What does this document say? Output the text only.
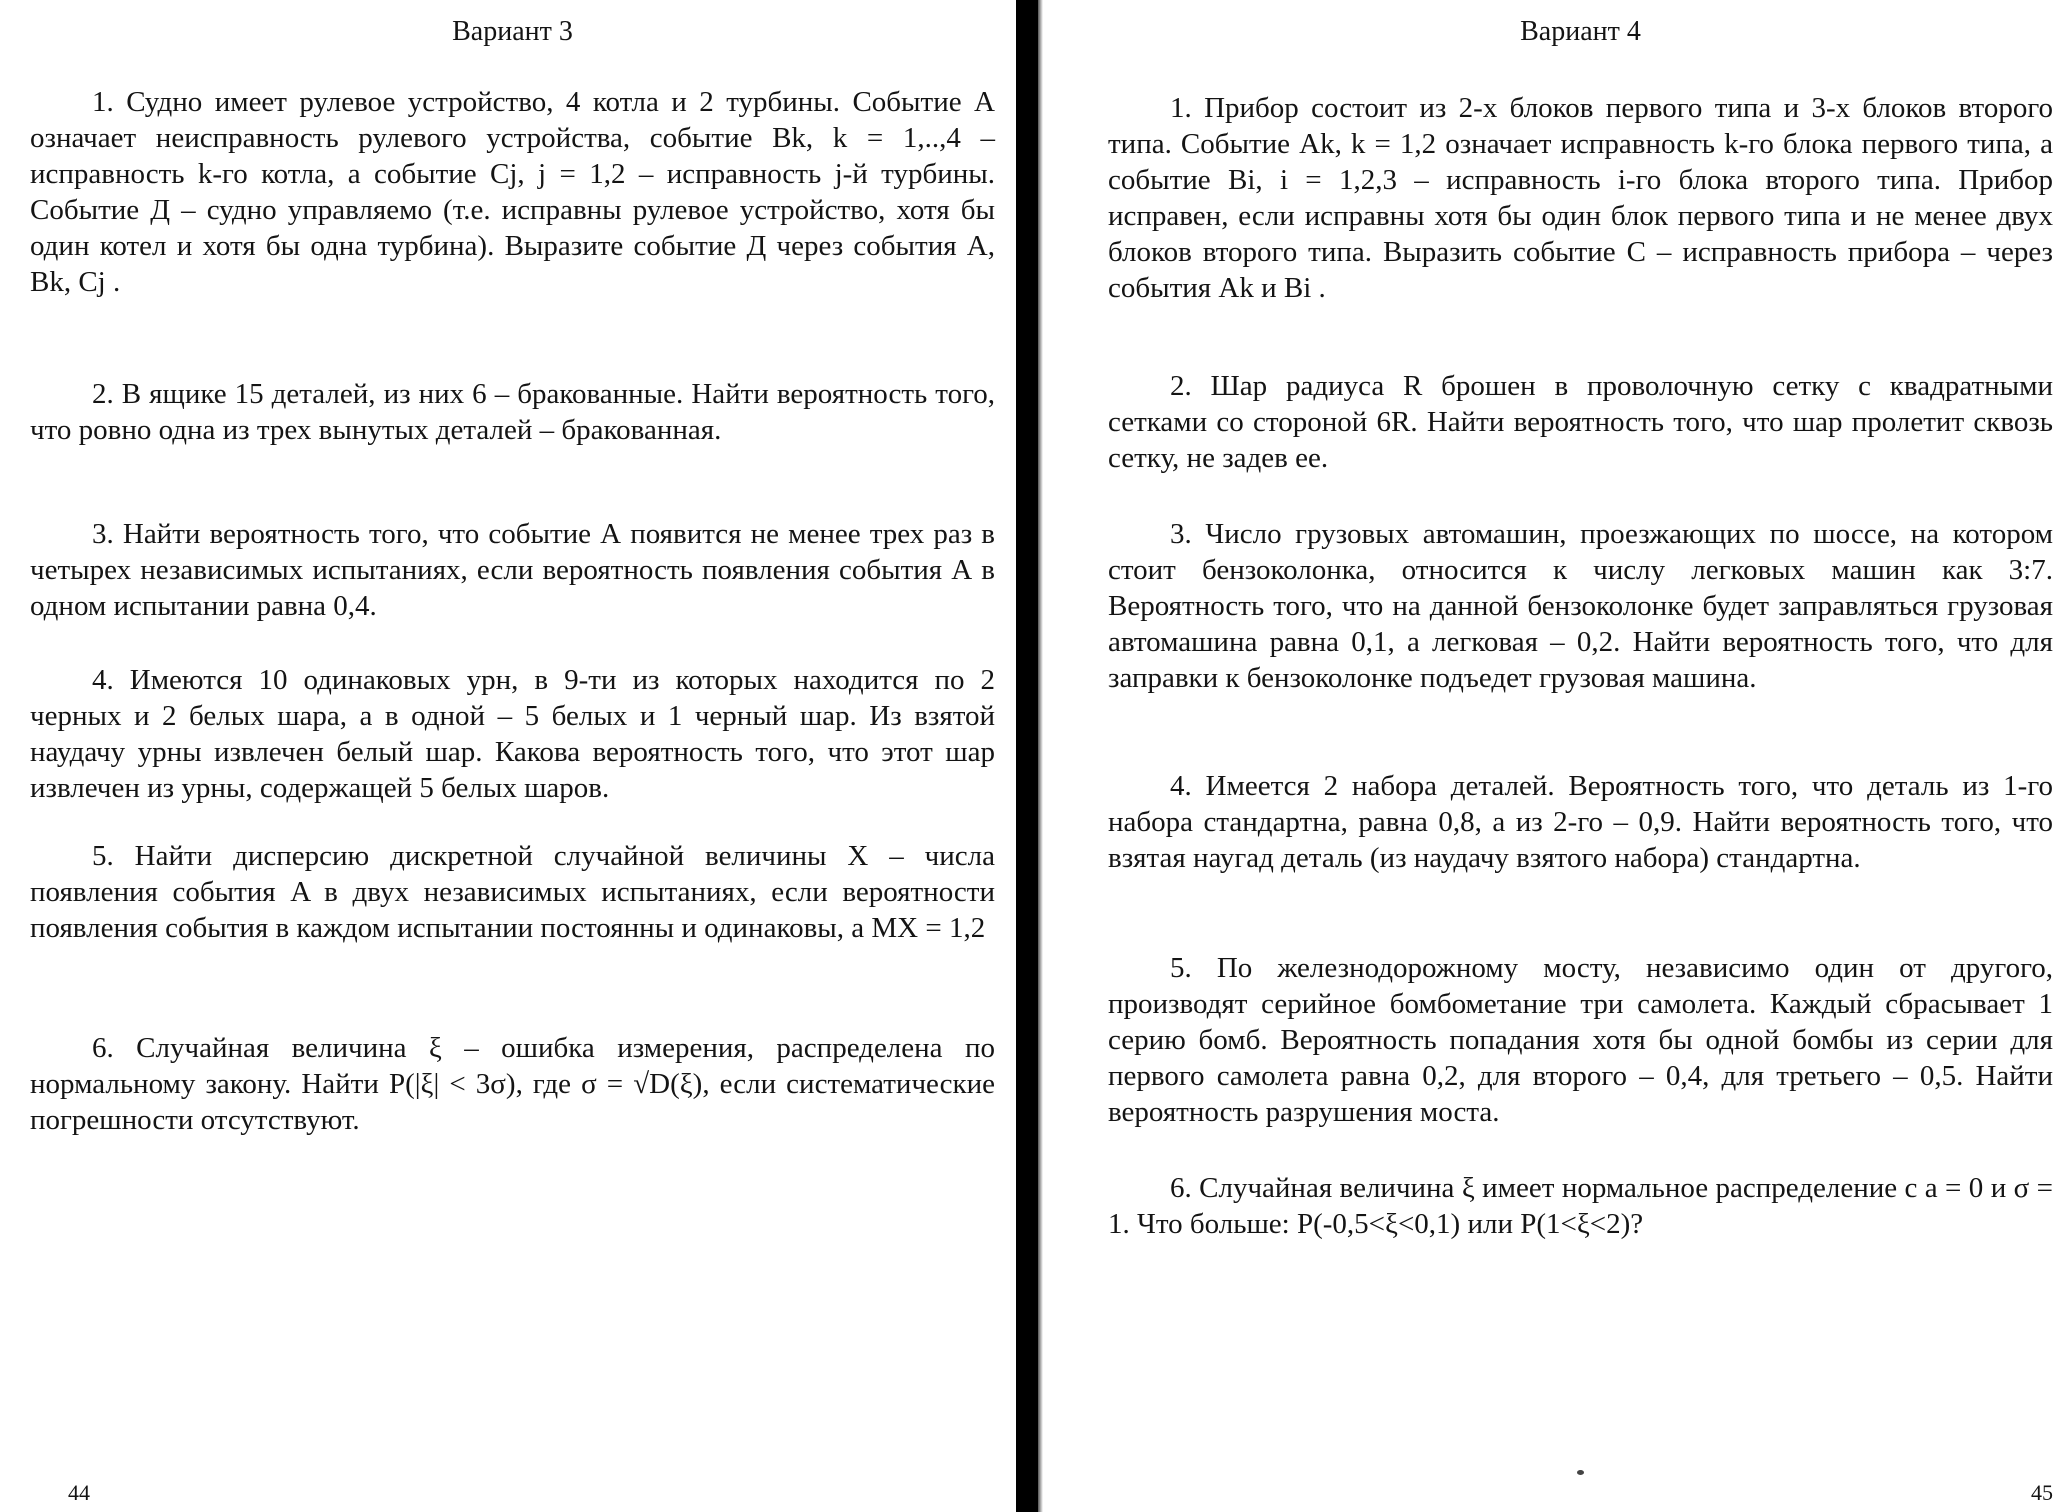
Вариант 3

1. Судно имеет рулевое устройство, 4 котла и 2 турбины. Событие A означает неисправность рулевого устройства, событие Bk, k = 1,..,4 – исправность k-го котла, а событие Cj, j = 1,2 – исправность j-й турбины. Событие Д – судно управляемо (т.е. исправны рулевое устройство, хотя бы один котел и хотя бы одна турбина). Выразите событие Д через события A, Bk, Cj .

2. В ящике 15 деталей, из них 6 – бракованные. Найти вероятность того, что ровно одна из трех вынутых деталей – бракованная.

3. Найти вероятность того, что событие А появится не менее трех раз в четырех независимых испытаниях, если вероятность появления события А в одном испытании равна 0,4.

4. Имеются 10 одинаковых урн, в 9-ти из которых находится по 2 черных и 2 белых шара, а в одной – 5 белых и 1 черный шар. Из взятой наудачу урны извлечен белый шар. Какова вероятность того, что этот шар извлечен из урны, содержащей 5 белых шаров.

5. Найти дисперсию дискретной случайной величины X – числа появления события A в двух независимых испытаниях, если вероятности появления события в каждом испытании постоянны и одинаковы, а MX = 1,2

6. Случайная величина ξ – ошибка измерения, распределена по нормальному закону. Найти P(|ξ| < 3σ), где σ = √D(ξ), если систематические погрешности отсутствуют.

44
Вариант 4

1. Прибор состоит из 2-х блоков первого типа и 3-х блоков второго типа. Событие Ak, k = 1,2 означает исправность k-го блока первого типа, а событие Bi, i = 1,2,3 – исправность i-го блока второго типа. Прибор исправен, если исправны хотя бы один блок первого типа и не менее двух блоков второго типа. Выразить событие C – исправность прибора – через события Ak и Bi .

2. Шар радиуса R брошен в проволочную сетку с квадратными сетками со стороной 6R. Найти вероятность того, что шар пролетит сквозь сетку, не задев ее.

3. Число грузовых автомашин, проезжающих по шоссе, на котором стоит бензоколонка, относится к числу легковых машин как 3:7. Вероятность того, что на данной бензоколонке будет заправляться грузовая автомашина равна 0,1, а легковая – 0,2. Найти вероятность того, что для заправки к бензоколонке подъедет грузовая машина.

4. Имеется 2 набора деталей. Вероятность того, что деталь из 1-го набора стандартна, равна 0,8, а из 2-го – 0,9. Найти вероятность того, что взятая наугад деталь (из наудачу взятого набора) стандартна.

5. По железнодорожному мосту, независимо один от другого, производят серийное бомбометание три самолета. Каждый сбрасывает 1 серию бомб. Вероятность попадания хотя бы одной бомбы из серии для первого самолета равна 0,2, для второго – 0,4, для третьего – 0,5. Найти вероятность разрушения моста.

6. Случайная величина ξ имеет нормальное распределение с a = 0 и σ = 1. Что больше: P(-0,5<ξ<0,1) или P(1<ξ<2)?

45
